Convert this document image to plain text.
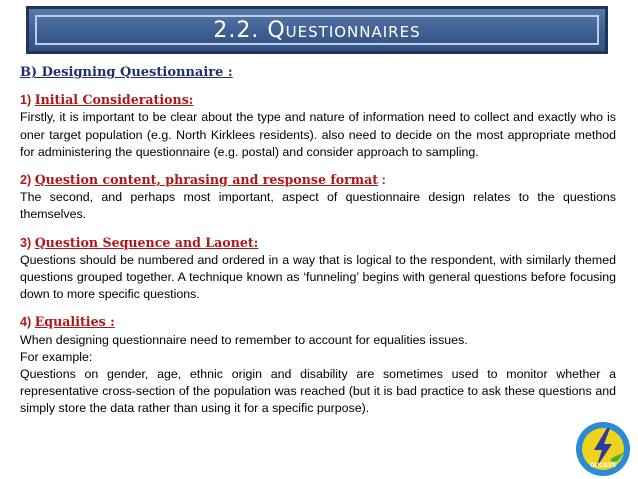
2.2. Questionnaires
B) Designing Questionnaire :
1) Initial Considerations:
Firstly, it is important to be clear about the type and nature of information need to collect and exactly who is oner target population (e.g. North Kirklees residents). also need to decide on the most appropriate method for administering the questionnaire (e.g. postal) and consider approach to sampling.
2) Question content, phrasing and response format :
The second, and perhaps most important, aspect of questionnaire design relates to the questions themselves.
3) Question Sequence and Laonet:
Questions should be numbered and ordered in a way that is logical to the respondent, with similarly themed questions grouped together. A technique known as ‘funneling’ begins with general questions before focusing down to more specific questions.
4) Equalities :
When designing questionnaire need to remember to account for equalities issues.
For example:
Questions on gender, age, ethnic origin and disability are sometimes used to monitor whether a representative cross-section of the population was reached (but it is bad practice to ask these questions and simply store the data rather than using it for a specific purpose).
OUCBSS
